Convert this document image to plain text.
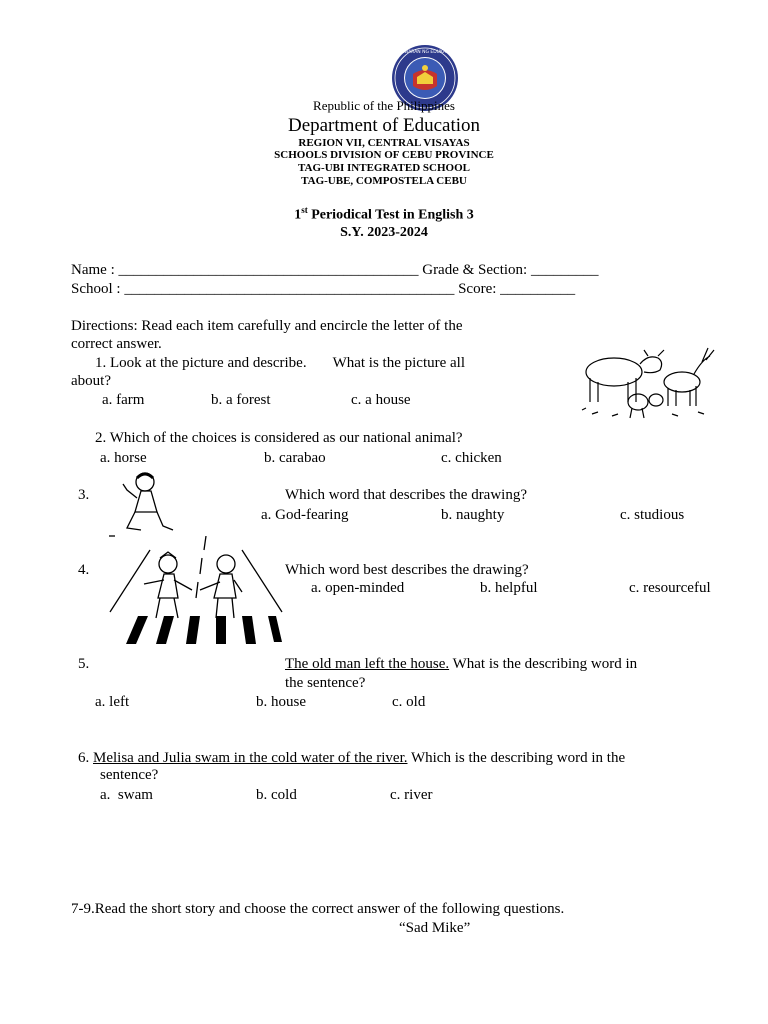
KAGAWARAN NG EDUKASYON
Republic of the Philippines
Department of Education
REGION VII, CENTRAL VISAYAS
SCHOOLS DIVISION OF CEBU PROVINCE
TAG-UBI INTEGRATED SCHOOL
TAG-UBE, COMPOSTELA CEBU
1st Periodical Test in English 3
S.Y. 2023-2024
Name : ________________________________________ Grade & Section: _________
School : ____________________________________________ Score: __________
Directions: Read each item carefully and encircle the letter of the
correct answer.
1. Look at the picture and describe.       What is the picture all
about?
a. farm	b. a forest	c. a house
2. Which of the choices is considered as our national animal?
a. horse	b. carabao	c. chicken
3.	Which word that describes the drawing?
a. God-fearing	b. naughty	c. studious
4.	Which word best describes the drawing?
a. open-minded	b. helpful	c. resourceful
5.	The old man left the house. What is the describing word in
the sentence?
a. left	b. house	c. old
6. Melisa and Julia swam in the cold water of the river. Which is the describing word in the
sentence?
a.  swam	b. cold	c. river
7-9.Read the short story and choose the correct answer of the following questions.
“Sad Mike”
